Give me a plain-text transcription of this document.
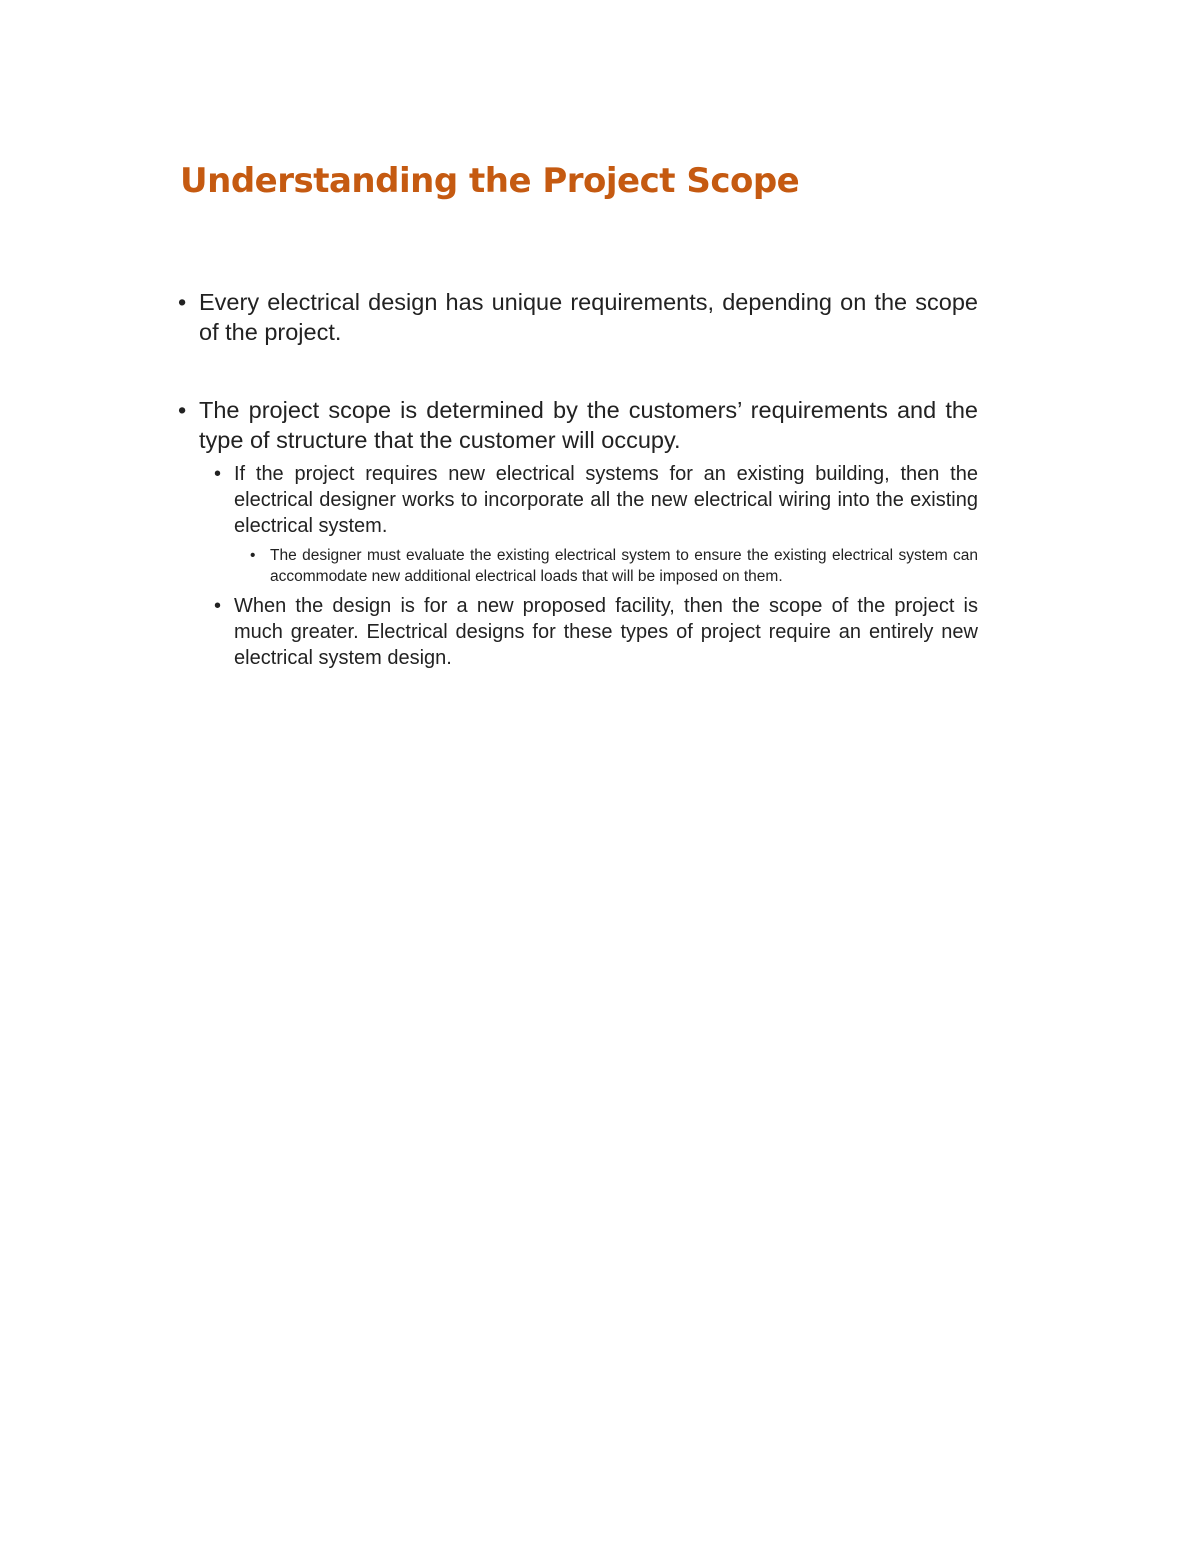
Understanding the Project Scope
• Every electrical design has unique requirements, depending on the scope of the project.
• The project scope is determined by the customers’ requirements and the type of structure that the customer will occupy.
• If the project requires new electrical systems for an existing building, then the electrical designer works to incorporate all the new electrical wiring into the existing electrical system.
• The designer must evaluate the existing electrical system to ensure the existing electrical system can accommodate new additional electrical loads that will be imposed on them.
• When the design is for a new proposed facility, then the scope of the project is much greater. Electrical designs for these types of project require an entirely new electrical system design.
